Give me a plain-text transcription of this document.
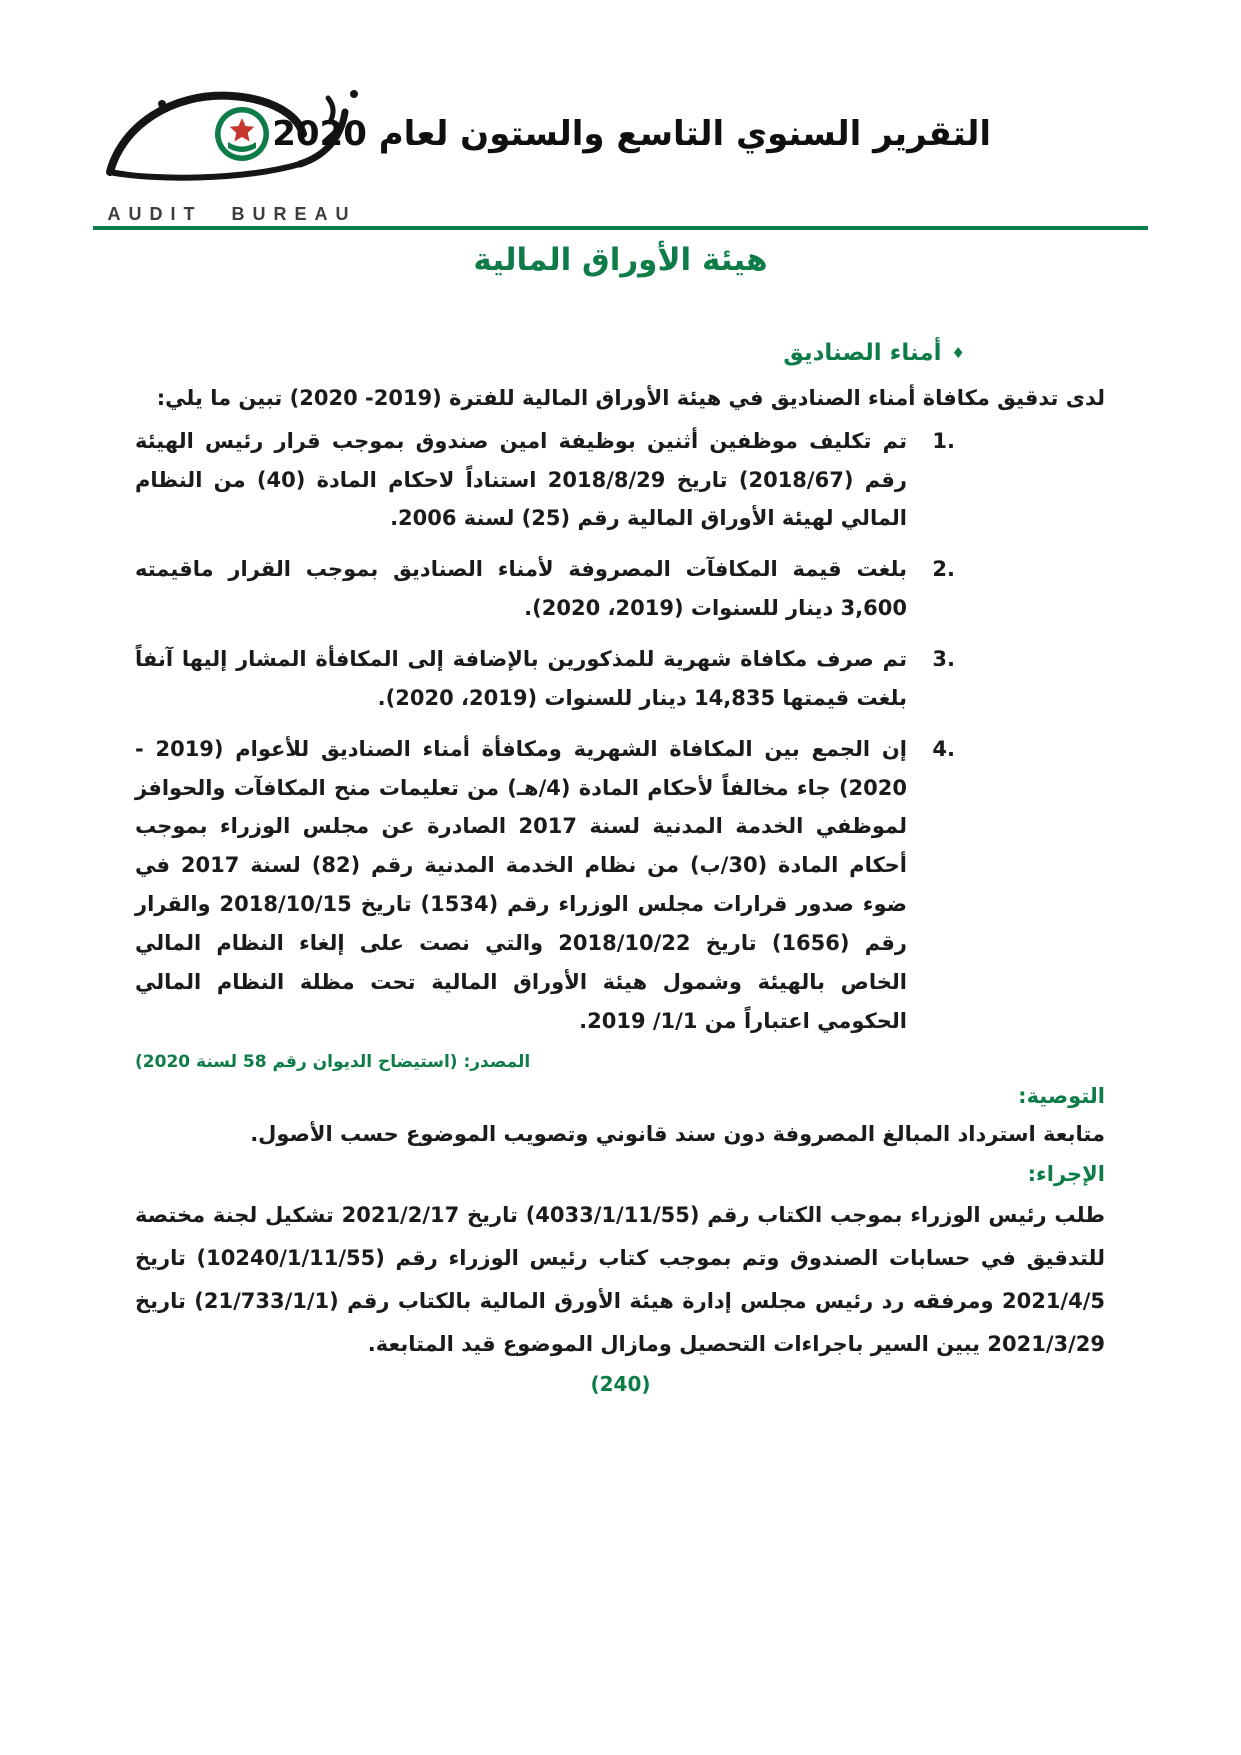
AUDIT BUREAU
التقرير السنوي التاسع والستون لعام 2020
هيئة الأوراق المالية
♦
أمناء الصناديق

لدى تدقيق مكافاة أمناء الصناديق في هيئة الأوراق المالية للفترة (2019- 2020) تبين ما يلي:

1.
تم تكليف موظفين أثنين بوظيفة امين صندوق بموجب قرار رئيس الهيئة رقم (2018/67) تاريخ 2018/8/29 استناداً لاحكام المادة (40) من النظام المالي لهيئة الأوراق المالية رقم (25) لسنة 2006.
2.
بلغت قيمة المكافآت المصروفة لأمناء الصناديق بموجب القرار ماقيمته 3,600 دينار للسنوات (2019، 2020).
3.
تم صرف مكافاة شهرية للمذكورين بالإضافة إلى المكافأة المشار إليها آنفاً بلغت قيمتها 14,835 دينار للسنوات (2019، 2020).
4.
إن الجمع بين المكافاة الشهرية ومكافأة أمناء الصناديق للأعوام (2019 - 2020) جاء مخالفاً لأحكام المادة (4/هـ) من تعليمات منح المكافآت والحوافز لموظفي الخدمة المدنية لسنة 2017 الصادرة عن مجلس الوزراء بموجب أحكام المادة (30/ب) من نظام الخدمة المدنية رقم (82) لسنة 2017 في ضوء صدور قرارات مجلس الوزراء رقم (1534) تاريخ 2018/10/15 والقرار رقم (1656) تاريخ 2018/10/22 والتي نصت على إلغاء النظام المالي الخاص بالهيئة وشمول هيئة الأوراق المالية تحت مظلة النظام المالي الحكومي اعتباراً من 1/1/ 2019.

المصدر: (استيضاح الديوان رقم 58 لسنة 2020)

التوصية:

متابعة استرداد المبالغ المصروفة دون سند قانوني وتصويب الموضوع حسب الأصول.

الإجراء:

طلب رئيس الوزراء بموجب الكتاب رقم (4033/1/11/55) تاريخ 2021/2/17 تشكيل لجنة مختصة للتدقيق في حسابات الصندوق وتم بموجب كتاب رئيس الوزراء رقم (10240/1/11/55) تاريخ 2021/4/5 ومرفقه رد رئيس مجلس إدارة هيئة الأورق المالية بالكتاب رقم (21/733/1/1) تاريخ 2021/3/29 يبين السير باجراءات التحصيل ومازال الموضوع قيد المتابعة.

(240)
